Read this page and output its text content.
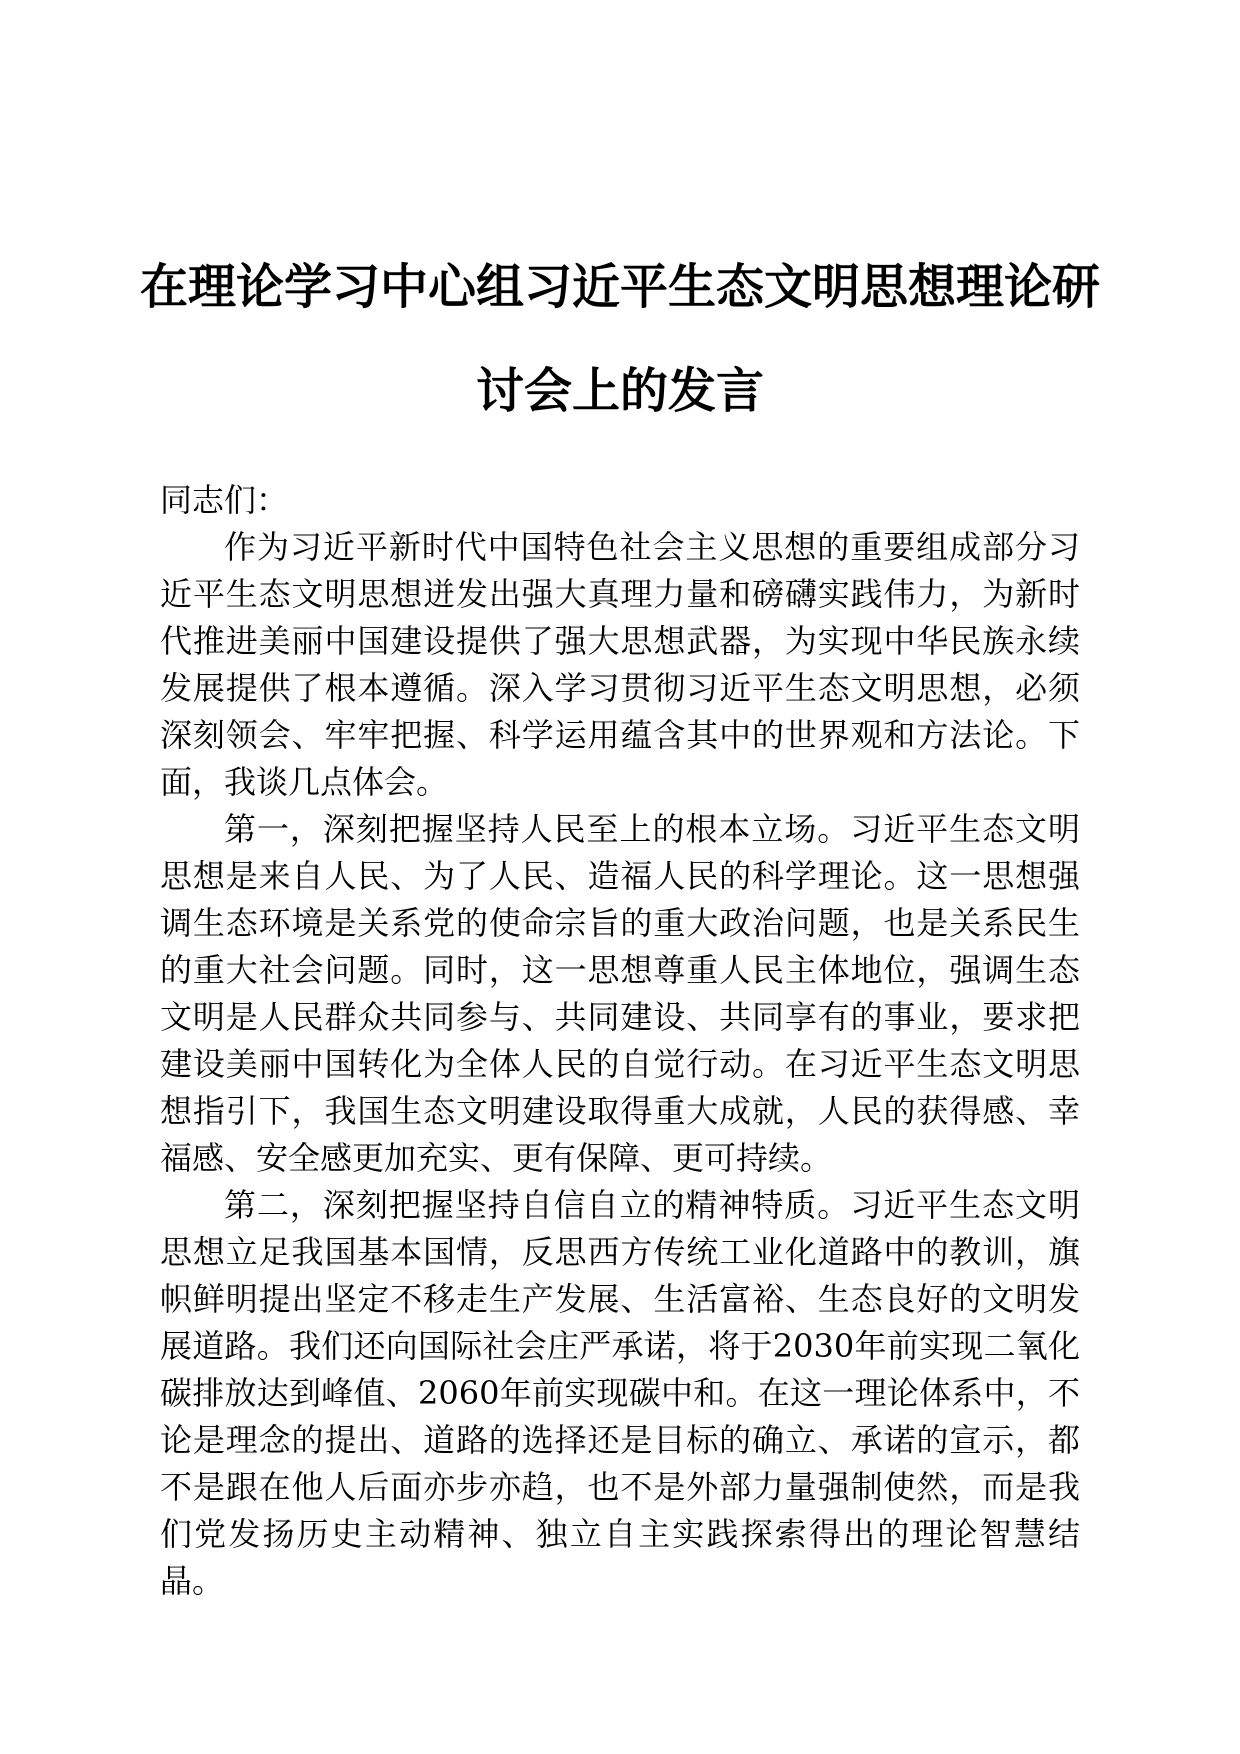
在理论学习中心组习近平生态文明思想理论研
讨会上的发言

同志们：

作为习近平新时代中国特色社会主义思想的重要组成部分习近平生态文明思想迸发出强大真理力量和磅礴实践伟力，为新时代推进美丽中国建设提供了强大思想武器，为实现中华民族永续发展提供了根本遵循。深入学习贯彻习近平生态文明思想，必须深刻领会、牢牢把握、科学运用蕴含其中的世界观和方法论。下面，我谈几点体会。

第一，深刻把握坚持人民至上的根本立场。习近平生态文明思想是来自人民、为了人民、造福人民的科学理论。这一思想强调生态环境是关系党的使命宗旨的重大政治问题，也是关系民生的重大社会问题。同时，这一思想尊重人民主体地位，强调生态文明是人民群众共同参与、共同建设、共同享有的事业，要求把建设美丽中国转化为全体人民的自觉行动。在习近平生态文明思想指引下，我国生态文明建设取得重大成就，人民的获得感、幸福感、安全感更加充实、更有保障、更可持续。

第二，深刻把握坚持自信自立的精神特质。习近平生态文明思想立足我国基本国情，反思西方传统工业化道路中的教训，旗帜鲜明提出坚定不移走生产发展、生活富裕、生态良好的文明发展道路。我们还向国际社会庄严承诺，将于2030年前实现二氧化碳排放达到峰值、2060年前实现碳中和。在这一理论体系中，不论是理念的提出、道路的选择还是目标的确立、承诺的宣示，都不是跟在他人后面亦步亦趋，也不是外部力量强制使然，而是我们党发扬历史主动精神、独立自主实践探索得出的理论智慧结晶。
